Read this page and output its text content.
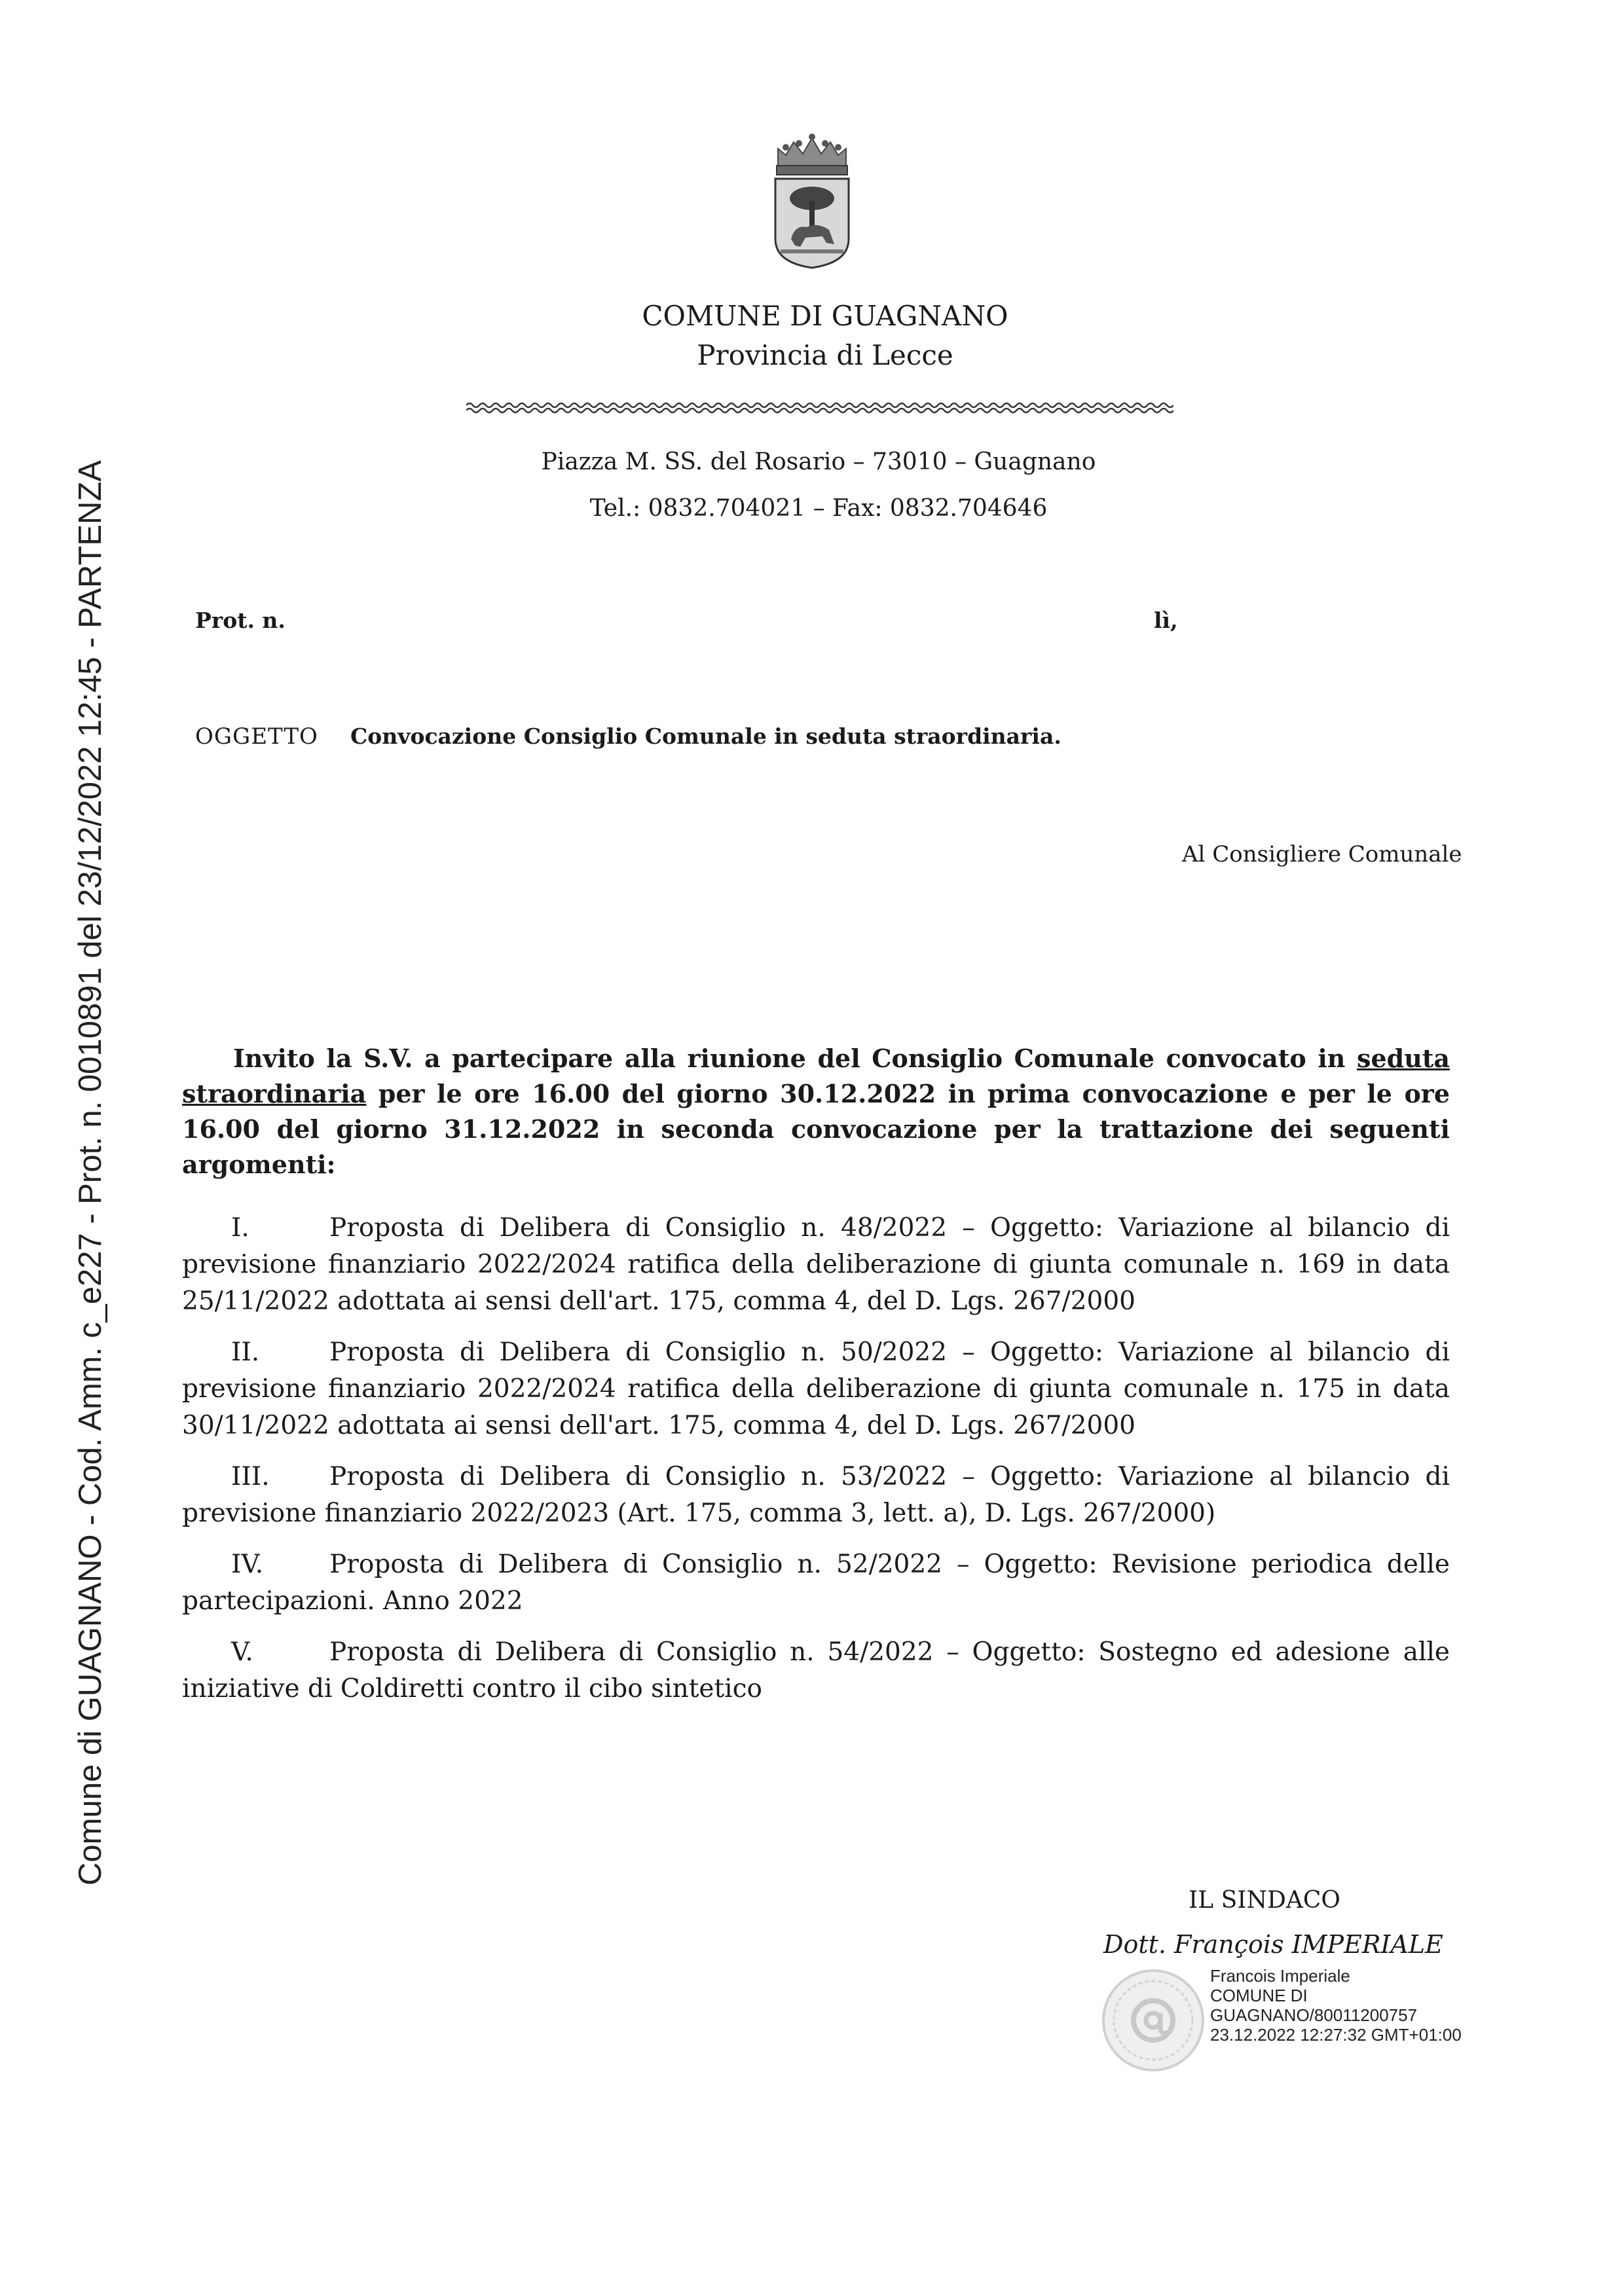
Comune di GUAGNANO - Cod. Amm. c_e227 - Prot. n. 0010891 del 23/12/2022 12:45 - PARTENZA
COMUNE DI GUAGNANO
Provincia di Lecce
Piazza M. SS. del Rosario – 73010 – Guagnano
Tel.: 0832.704021 – Fax: 0832.704646
Prot. n.	lì,
OGGETTO Convocazione Consiglio Comunale in seduta straordinaria.
Al Consigliere Comunale
Invito la S.V. a partecipare alla riunione del Consiglio Comunale convocato in seduta straordinaria per le ore 16.00 del giorno 30.12.2022 in prima convocazione e per le ore 16.00 del giorno 31.12.2022 in seconda convocazione per la trattazione dei seguenti argomenti:
I.	Proposta di Delibera di Consiglio n. 48/2022 – Oggetto: Variazione al bilancio di previsione finanziario 2022/2024 ratifica della deliberazione di giunta comunale n. 169 in data 25/11/2022 adottata ai sensi dell'art. 175, comma 4, del D. Lgs. 267/2000
II.	Proposta di Delibera di Consiglio n. 50/2022 – Oggetto: Variazione al bilancio di previsione finanziario 2022/2024 ratifica della deliberazione di giunta comunale n. 175 in data 30/11/2022 adottata ai sensi dell'art. 175, comma 4, del D. Lgs. 267/2000
III. Proposta di Delibera di Consiglio n. 53/2022 – Oggetto: Variazione al bilancio di previsione finanziario 2022/2023 (Art. 175, comma 3, lett. a), D. Lgs. 267/2000)
IV.	Proposta di Delibera di Consiglio n. 52/2022 – Oggetto: Revisione periodica delle partecipazioni. Anno 2022
V.	Proposta di Delibera di Consiglio n. 54/2022 – Oggetto: Sostegno ed adesione alle iniziative di Coldiretti contro il cibo sintetico
IL SINDACO
Dott. François IMPERIALE
Francois Imperiale
COMUNE DI
GUAGNANO/80011200757
23.12.2022 12:27:32 GMT+01:00
